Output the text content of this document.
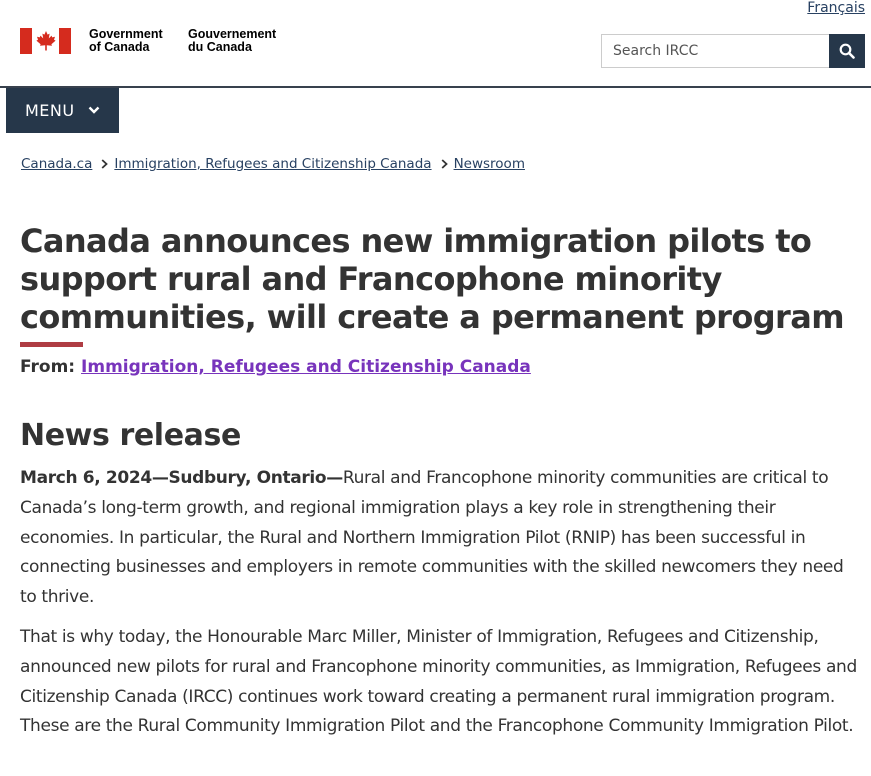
Français
Government
of Canada
Gouvernement
du Canada
Search IRCC
MENU
Canada.ca Immigration, Refugees and Citizenship Canada Newsroom
Canada announces new immigration pilots to support rural and Francophone minority communities, will create a permanent program
From: Immigration, Refugees and Citizenship Canada
News release

March 6, 2024—Sudbury, Ontario—Rural and Francophone minority communities are critical to Canada’s long-term growth, and regional immigration plays a key role in strengthening their economies. In particular, the Rural and Northern Immigration Pilot (RNIP) has been successful in connecting businesses and employers in remote communities with the skilled newcomers they need to thrive.

That is why today, the Honourable Marc Miller, Minister of Immigration, Refugees and Citizenship, announced new pilots for rural and Francophone minority communities, as Immigration, Refugees and Citizenship Canada (IRCC) continues work toward creating a permanent rural immigration program. These are the Rural Community Immigration Pilot and the Francophone Community Immigration Pilot.
